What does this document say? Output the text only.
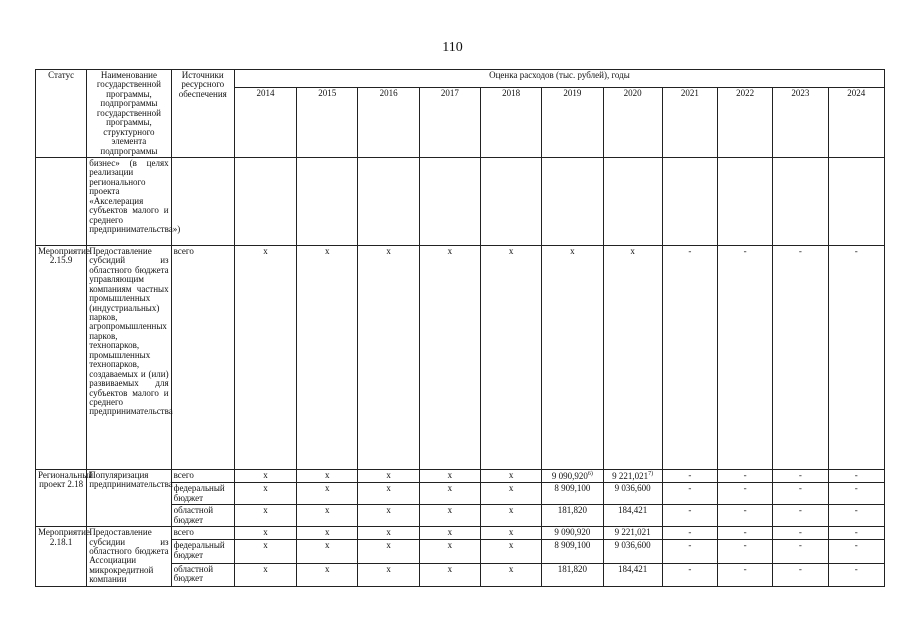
110
Статус	Наименование государственной программы, подпрограммы государственной программы, структурного элемента подпрограммы	Источники ресурсного обеспечения	Оценка расходов (тыс. рублей), годы										
			2014	2015	2016	2017	2018	2019	2020	2021	2022	2023	2024
	бизнес» (в целях реализации регионального проекта «Акселерация субъектов малого и среднего предпринимательства»)												
Мероприятие 2.15.9	Предоставление субсидий из областного бюджета управляющим компаниям частных промышленных (индустриальных) парков, агропромышленных парков, технопарков, промышленных технопарков, создаваемых и (или) развиваемых для субъектов малого и среднего предпринимательства	всего	х	х	х	х	х	х	х	-	-	-	-
Региональный проект 2.18	Популяризация предпринимательства	всего	х	х	х	х	х	9 090,920$^{6)}$	9 221,021$^{7)}$	-	-	-	-
		федеральный бюджет	х	х	х	х	х	8 909,100	9 036,600	-	-	-	-
		областной бюджет	х	х	х	х	х	181,820	184,421	-	-	-	-
Мероприятие 2.18.1	Предоставление субсидии из областного бюджета Ассоциации микрокредитной компании	всего	х	х	х	х	х	9 090,920	9 221,021	-	-	-	-
		федеральный бюджет	х	х	х	х	х	8 909,100	9 036,600	-	-	-	-
		областной бюджет	х	х	х	х	х	181,820	184,421	-	-	-	-
